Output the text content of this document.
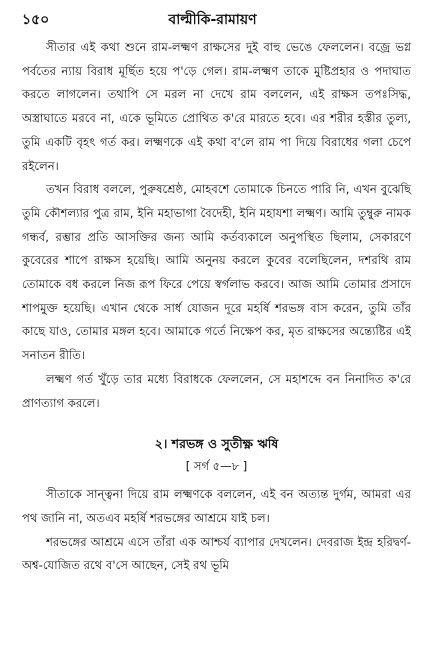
১৫০	বাল্মীকি-রামায়ণ

সীতার এই কথা শুনে রাম-লক্ষ্মণ রাক্ষসের দুই বাহু ভেঙে ফেললেন। বজ্রে ভগ্ন পর্বতের ন্যায় বিরাধ মূর্ছিত হয়ে প'ড়ে গেল। রাম-লক্ষ্মণ তাকে মুষ্টিপ্রহার ও পদাঘাত করতে লাগলেন। তথাপি সে মরল না দেখে রাম বললেন, এই রাক্ষস তপঃসিদ্ধ, অস্ত্রাঘাতে মরবে না, একে ভূমিতে প্রোথিত ক'রে মারতে হবে। এর শরীর হস্তীর তুল্য, তুমি একটি বৃহৎ গর্ত কর। লক্ষ্মণকে এই কথা ব'লে রাম পা দিয়ে বিরাধের গলা চেপে রইলেন।

তখন বিরাধ বললে, পুরুষশ্রেষ্ঠ, মোহবশে তোমাকে চিনতে পারি নি, এখন বুঝেছি তুমি কৌশল্যার পুত্র রাম, ইনি মহাভাগা বৈদেহী, ইনি মহাযশা লক্ষ্মণ। আমি তুম্বুরু নামক গন্ধর্ব, রম্ভার প্রতি আসক্তির জন্য আমি কর্তব্যকালে অনুপস্থিত ছিলাম, সেকারণে কুবেরের শাপে রাক্ষস হয়েছি। আমি অনুনয় করলে কুবের বলেছিলেন, দশরথি রাম তোমাকে বধ করলে নিজ রূপ ফিরে পেয়ে স্বর্গলাভ করবে। আজ আমি তোমার প্রসাদে শাপমুক্ত হয়েছি। এখান থেকে সার্ধ যোজন দূরে মহর্ষি শরভঙ্গ বাস করেন, তুমি তাঁর কাছে যাও, তোমার মঙ্গল হবে। আমাকে গর্তে নিক্ষেপ কর, মৃত রাক্ষসের অন্ত্যেষ্টির এই সনাতন রীতি।

লক্ষ্মণ গর্ত খুঁড়ে তার মধ্যে বিরাধকে ফেললেন, সে মহাশব্দে বন নিনাদিত ক'রে প্রাণত্যাগ করলে।

২। শরভঙ্গ ও সুতীক্ষ্ণ ঋষি
[ সর্গ ৫—৮ ]

সীতাকে সান্ত্বনা দিয়ে রাম লক্ষ্মণকে বললেন, এই বন অত্যন্ত দুর্গম, আমরা এর পথ জানি না, অতএব মহর্ষি শরভঙ্গের আশ্রমে যাই চল।

শরভঙ্গের আশ্রমে এসে তাঁরা এক আশ্চর্য ব্যাপার দেখলেন। দেবরাজ ইন্দ্র হরিদ্বর্ণ-অশ্ব-যোজিত রথে ব'সে আছেন, সেই রথ ভূমি
